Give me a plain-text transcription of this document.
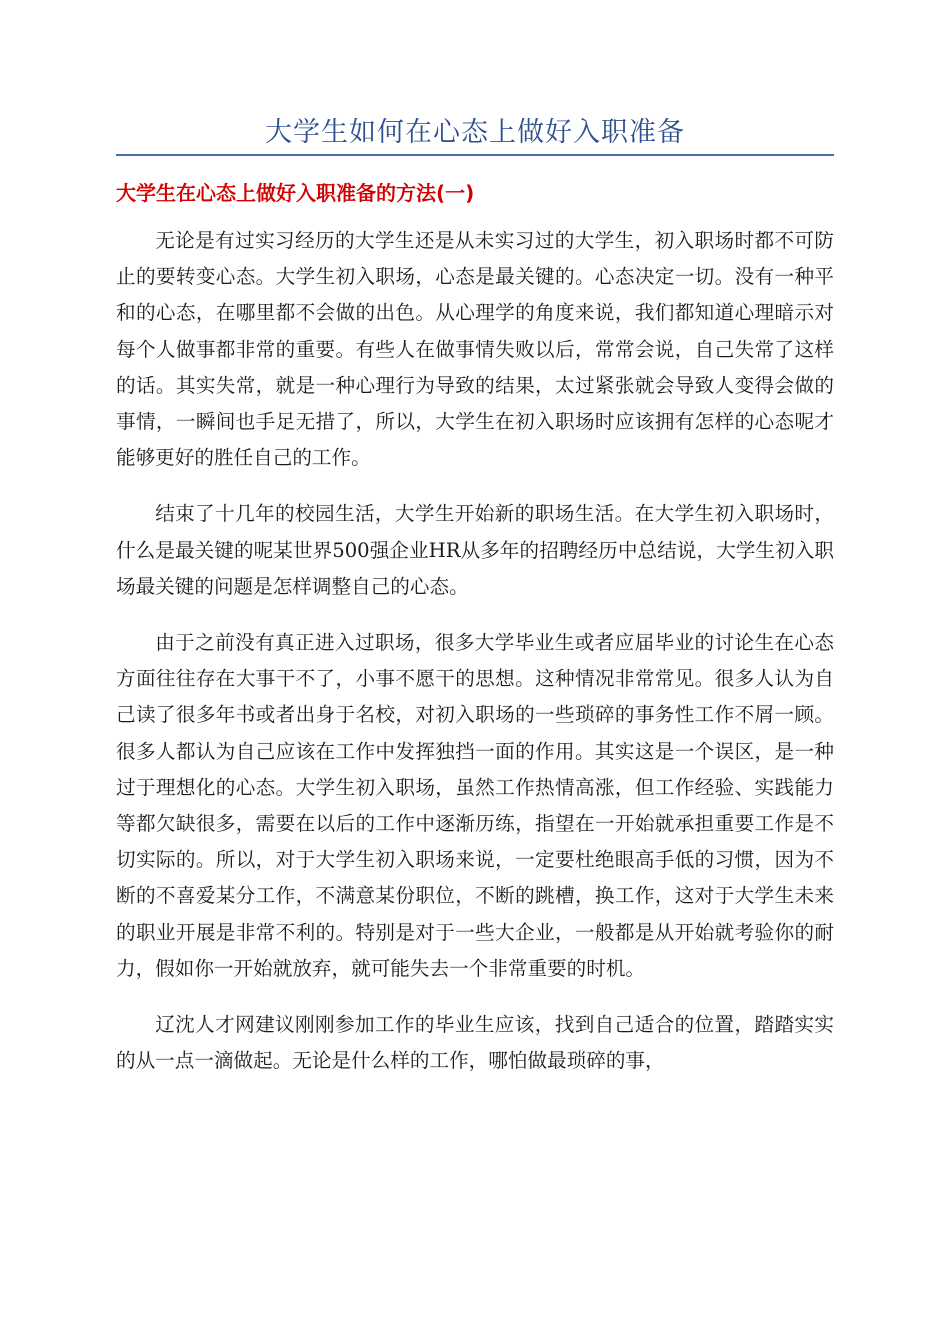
大学生如何在心态上做好入职准备
大学生在心态上做好入职准备的方法(一)

无论是有过实习经历的大学生还是从未实习过的大学生，初入职场时都不可防止的要转变心态。大学生初入职场，心态是最关键的。心态决定一切。没有一种平和的心态，在哪里都不会做的出色。从心理学的角度来说，我们都知道心理暗示对每个人做事都非常的重要。有些人在做事情失败以后，常常会说，自己失常了这样的话。其实失常，就是一种心理行为导致的结果，太过紧张就会导致人变得会做的事情，一瞬间也手足无措了，所以，大学生在初入职场时应该拥有怎样的心态呢才能够更好的胜任自己的工作。

结束了十几年的校园生活，大学生开始新的职场生活。在大学生初入职场时，什么是最关键的呢某世界500强企业HR从多年的招聘经历中总结说，大学生初入职场最关键的问题是怎样调整自己的心态。

由于之前没有真正进入过职场，很多大学毕业生或者应届毕业的讨论生在心态方面往往存在大事干不了，小事不愿干的思想。这种情况非常常见。很多人认为自己读了很多年书或者出身于名校，对初入职场的一些琐碎的事务性工作不屑一顾。很多人都认为自己应该在工作中发挥独挡一面的作用。其实这是一个误区，是一种过于理想化的心态。大学生初入职场，虽然工作热情高涨，但工作经验、实践能力等都欠缺很多，需要在以后的工作中逐渐历练，指望在一开始就承担重要工作是不切实际的。所以，对于大学生初入职场来说，一定要杜绝眼高手低的习惯，因为不断的不喜爱某分工作，不满意某份职位，不断的跳槽，换工作，这对于大学生未来的职业开展是非常不利的。特别是对于一些大企业，一般都是从开始就考验你的耐力，假如你一开始就放弃，就可能失去一个非常重要的时机。

辽沈人才网建议刚刚参加工作的毕业生应该，找到自己适合的位置，踏踏实实的从一点一滴做起。无论是什么样的工作，哪怕做最琐碎的事，
